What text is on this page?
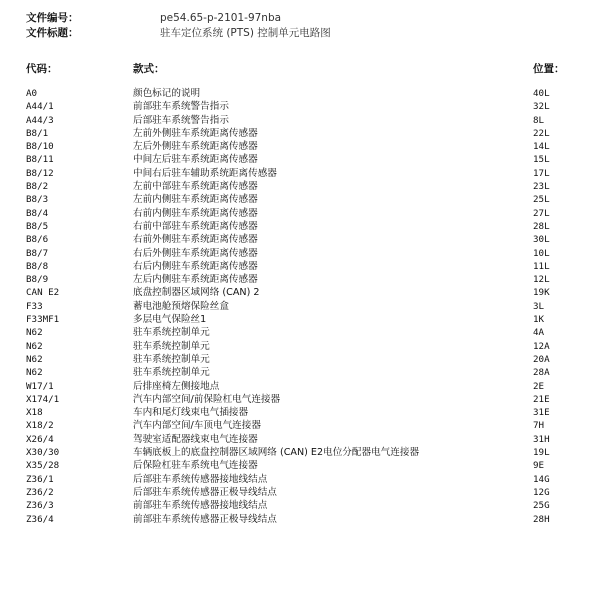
文件编号：	pe54.65-p-2101-97nba
文件标题：	驻车定位系统 (PTS) 控制单元电路图
代码：	款式：	位置：
A0	颜色标记的说明	40L
A44/1	前部驻车系统警告指示	32L
A44/3	后部驻车系统警告指示	8L
B8/1	左前外侧驻车系统距离传感器	22L
B8/10	左后外侧驻车系统距离传感器	14L
B8/11	中间左后驻车系统距离传感器	15L
B8/12	中间右后驻车辅助系统距离传感器	17L
B8/2	左前中部驻车系统距离传感器	23L
B8/3	左前内侧驻车系统距离传感器	25L
B8/4	右前内侧驻车系统距离传感器	27L
B8/5	右前中部驻车系统距离传感器	28L
B8/6	右前外侧驻车系统距离传感器	30L
B8/7	右后外侧驻车系统距离传感器	10L
B8/8	右后内侧驻车系统距离传感器	11L
B8/9	左后内侧驻车系统距离传感器	12L
CAN E2	底盘控制器区域网络 (CAN) 2	19K
F33	蓄电池舱预熔保险丝盒	3L
F33MF1	多层电气保险丝1	1K
N62	驻车系统控制单元	4A
N62	驻车系统控制单元	12A
N62	驻车系统控制单元	20A
N62	驻车系统控制单元	28A
W17/1	后排座椅左侧接地点	2E
X174/1	汽车内部空间/前保险杠电气连接器	21E
X18	车内和尾灯线束电气插接器	31E
X18/2	汽车内部空间/车顶电气连接器	7H
X26/4	驾驶室适配器线束电气连接器	31H
X30/30	车辆底板上的底盘控制器区域网络 (CAN) E2电位分配器电气连接器	19L
X35/28	后保险杠驻车系统电气连接器	9E
Z36/1	后部驻车系统传感器接地线结点	14G
Z36/2	后部驻车系统传感器正极导线结点	12G
Z36/3	前部驻车系统传感器接地线结点	25G
Z36/4	前部驻车系统传感器正极导线结点	28H
